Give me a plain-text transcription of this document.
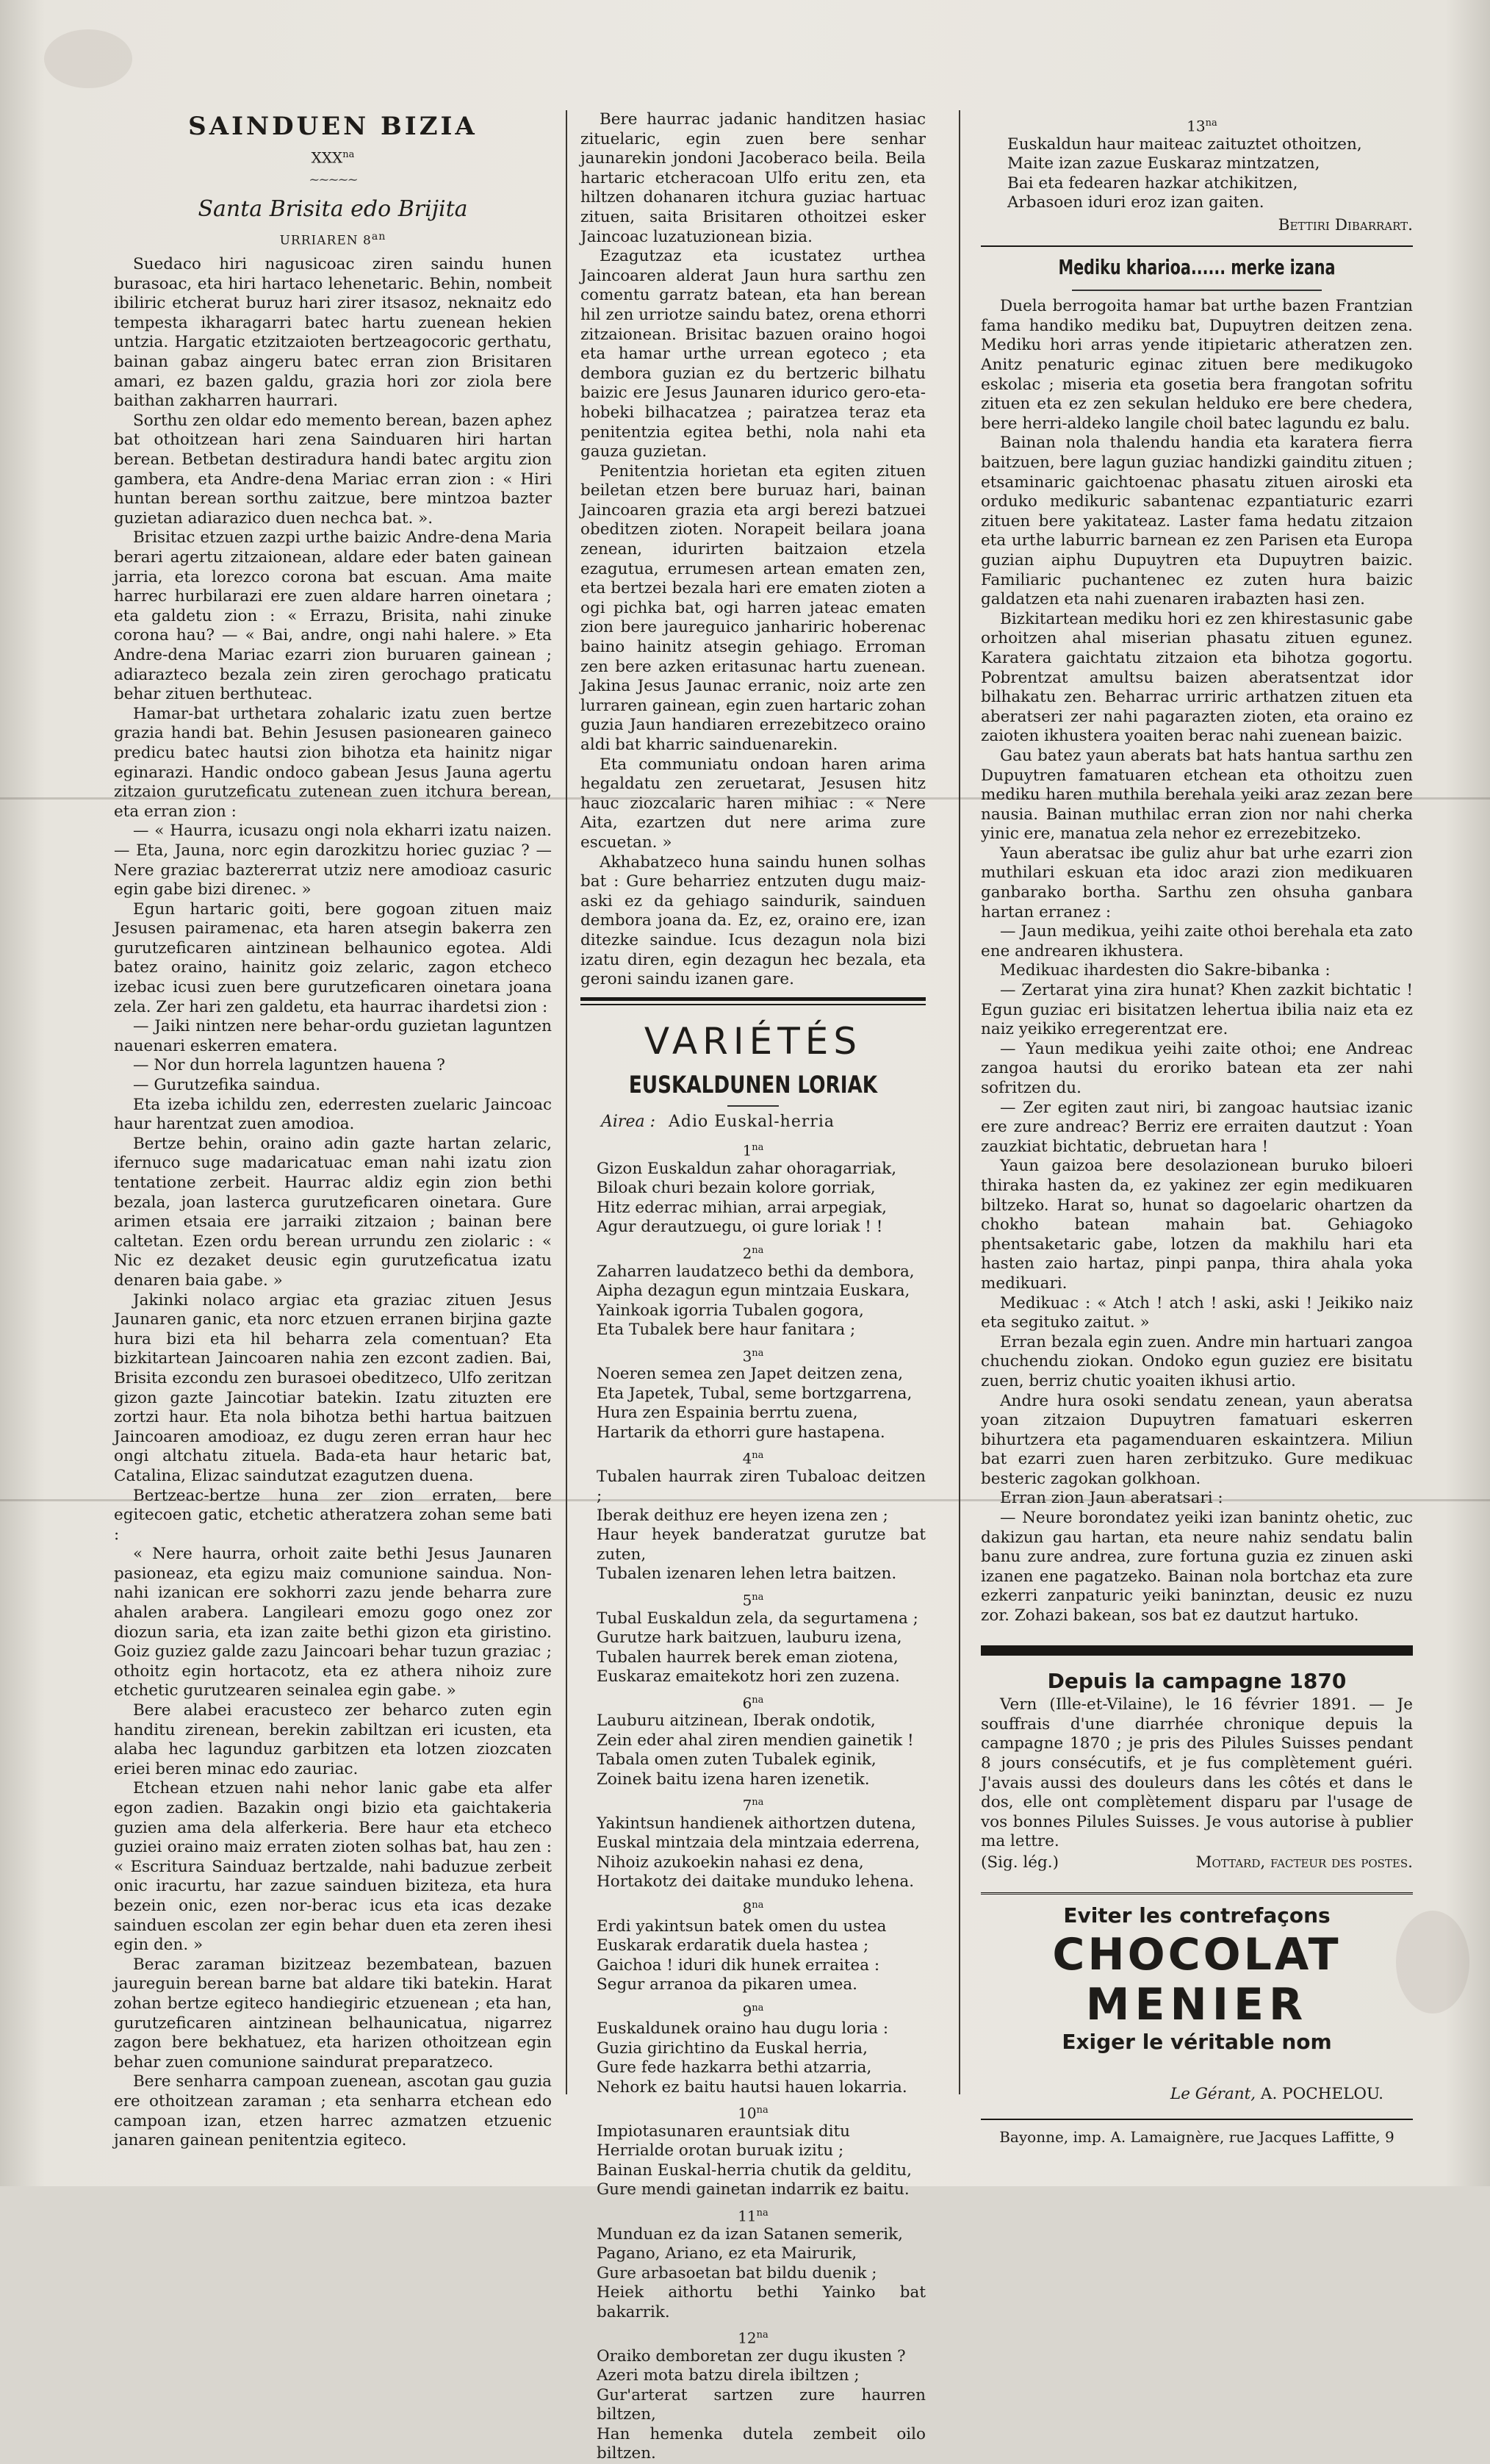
SAINDUEN BIZIA
$XXX^{na}$
~~~~~
Santa Brisita edo Brijita
URRIAREN $8^{an}$

Suedaco hiri nagusicoac ziren saindu hunen burasoac, eta hiri hartaco lehenetaric. Behin, nombeit ibiliric etcherat buruz hari zirer itsasoz, neknaitz edo tempesta ikharagarri batec hartu zuenean hekien untzia. Hargatic etzitzaioten bertzeagocoric gerthatu, bainan gabaz aingeru batec erran zion Brisitaren amari, ez bazen galdu, grazia hori zor ziola bere baithan zakharren haurrari.

Sorthu zen oldar edo memento berean, bazen aphez bat othoitzean hari zena Sainduaren hiri hartan berean. Betbetan destiradura handi batec argitu zion gambera, eta Andre-dena Mariac erran zion : « Hiri huntan berean sorthu zaitzue, bere mintzoa bazter guzietan adiarazico duen nechca bat. ».

Brisitac etzuen zazpi urthe baizic Andre-dena Maria berari agertu zitzaionean, aldare eder baten gainean jarria, eta lorezco corona bat escuan. Ama maite harrec hurbilarazi ere zuen aldare harren oinetara ; eta galdetu zion : « Errazu, Brisita, nahi zinuke corona hau? — « Bai, andre, ongi nahi halere. » Eta Andre-dena Mariac ezarri zion buruaren gainean ; adiarazteco bezala zein ziren gerochago praticatu behar zituen berthuteac.

Hamar-bat urthetara zohalaric izatu zuen bertze grazia handi bat. Behin Jesusen pasionearen gaineco predicu batec hautsi zion bihotza eta hainitz nigar eginarazi. Handic ondoco gabean Jesus Jauna agertu zitzaion gurutzeficatu zutenean zuen itchura berean, eta erran zion :

— « Haurra, icusazu ongi nola ekharri izatu naizen. — Eta, Jauna, norc egin darozkitzu horiec guziac ? — Nere graziac baztererrat utziz nere amodioaz casuric egin gabe bizi direnec. »

Egun hartaric goiti, bere gogoan zituen maiz Jesusen pairamenac, eta haren atsegin bakerra zen gurutzeficaren aintzinean belhaunico egotea. Aldi batez oraino, hainitz goiz zelaric, zagon etcheco izebac icusi zuen bere gurutzeficaren oinetara joana zela. Zer hari zen galdetu, eta haurrac ihardetsi zion :

— Jaiki nintzen nere behar-ordu guzietan laguntzen nauenari eskerren ematera.

— Nor dun horrela laguntzen hauena ?

— Gurutzefika saindua.

Eta izeba ichildu zen, ederresten zuelaric Jaincoac haur harentzat zuen amodioa.

Bertze behin, oraino adin gazte hartan zelaric, ifernuco suge madaricatuac eman nahi izatu zion tentatione zerbeit. Haurrac aldiz egin zion bethi bezala, joan lasterca gurutzeficaren oinetara. Gure arimen etsaia ere jarraiki zitzaion ; bainan bere caltetan. Ezen ordu berean urrundu zen ziolaric : « Nic ez dezaket deusic egin gurutzeficatua izatu denaren baia gabe. »

Jakinki nolaco argiac eta graziac zituen Jesus Jaunaren ganic, eta norc etzuen erranen birjina gazte hura bizi eta hil beharra zela comentuan? Eta bizkitartean Jaincoaren nahia zen ezcont zadien. Bai, Brisita ezcondu zen burasoei obeditzeco, Ulfo zeritzan gizon gazte Jaincotiar batekin. Izatu zituzten ere zortzi haur. Eta nola bihotza bethi hartua baitzuen Jaincoaren amodioaz, ez dugu zeren erran haur hec ongi altchatu zituela. Bada-eta haur hetaric bat, Catalina, Elizac saindutzat ezagutzen duena.

Bertzeac-bertze huna zer zion erraten, bere egitecoen gatic, etchetic atheratzera zohan seme bati :

« Nere haurra, orhoit zaite bethi Jesus Jaunaren pasioneaz, eta egizu maiz comunione saindua. Non-nahi izanican ere sokhorri zazu jende beharra zure ahalen arabera. Langileari emozu gogo onez zor diozun saria, eta izan zaite bethi gizon eta giristino. Goiz guziez galde zazu Jaincoari behar tuzun graziac ; othoitz egin hortacotz, eta ez athera nihoiz zure etchetic gurutzearen seinalea egin gabe. »

Bere alabei eracusteco zer beharco zuten egin handitu zirenean, berekin zabiltzan eri icusten, eta alaba hec lagunduz garbitzen eta lotzen ziozcaten eriei beren minac edo zauriac.

Etchean etzuen nahi nehor lanic gabe eta alfer egon zadien. Bazakin ongi bizio eta gaichtakeria guzien ama dela alferkeria. Bere haur eta etcheco guziei oraino maiz erraten zioten solhas bat, hau zen : « Escritura Sainduaz bertzalde, nahi baduzue zerbeit onic iracurtu, har zazue sainduen biziteza, eta hura bezein onic, ezen nor-berac icus eta icas dezake sainduen escolan zer egin behar duen eta zeren ihesi egin den. »

Berac zaraman bizitzeaz bezembatean, bazuen jaureguin berean barne bat aldare tiki batekin. Harat zohan bertze egiteco handiegiric etzuenean ; eta han, gurutzeficaren aintzinean belhaunicatua, nigarrez zagon bere bekhatuez, eta harizen othoitzean egin behar zuen comunione saindurat preparatzeco.

Bere senharra campoan zuenean, ascotan gau guzia ere othoitzean zaraman ; eta senharra etchean edo campoan izan, etzen harrec azmatzen etzuenic janaren gainean penitentzia egiteco.

Bere haurrac jadanic handitzen hasiac zituelaric, egin zuen bere senhar jaunarekin jondoni Jacoberaco beila. Beila hartaric etcheracoan Ulfo eritu zen, eta hiltzen dohanaren itchura guziac hartuac zituen, saita Brisitaren othoitzei esker Jaincoac luzatuzionean bizia.

Ezagutzaz eta icustatez urthea Jaincoaren alderat Jaun hura sarthu zen comentu garratz batean, eta han berean hil zen urriotze saindu batez, orena ethorri zitzaionean. Brisitac bazuen oraino hogoi eta hamar urthe urrean egoteco ; eta dembora guzian ez du bertzeric bilhatu baizic ere Jesus Jaunaren idurico gero-eta-hobeki bilhacatzea ; pairatzea teraz eta penitentzia egitea bethi, nola nahi eta gauza guzietan.

Penitentzia horietan eta egiten zituen beiletan etzen bere buruaz hari, bainan Jaincoaren grazia eta argi berezi batzuei obeditzen zioten. Norapeit beilara joana zenean, idurirten baitzaion etzela ezagutua, errumesen artean ematen zen, eta bertzei bezala hari ere ematen zioten a ogi pichka bat, ogi harren jateac ematen zion bere jaureguico janhariric hoberenac baino hainitz atsegin gehiago. Erroman zen bere azken eritasunac hartu zuenean. Jakina Jesus Jaunac erranic, noiz arte zen lurraren gainean, egin zuen hartaric zohan guzia Jaun handiaren errezebitzeco oraino aldi bat kharric sainduenarekin.

Eta communiatu ondoan haren arima hegaldatu zen zeruetarat, Jesusen hitz hauc ziozcalaric haren mihiac : « Nere Aita, ezartzen dut nere arima zure escuetan. »

Akhabatzeco huna saindu hunen solhas bat : Gure beharriez entzuten dugu maiz-aski ez da gehiago saindurik, sainduen dembora joana da. Ez, ez, oraino ere, izan ditezke saindue. Icus dezagun nola bizi izatu diren, egin dezagun hec bezala, eta geroni saindu izanen gare.

VARIÉTÉS
EUSKALDUNEN LORIAK
Airea : Adio Euskal-herria
$1^{na}$
Gizon Euskaldun zahar ohoragarriak,
Biloak churi bezain kolore gorriak,
Hitz ederrac mihian, arrai arpegiak,
Agur derautzuegu, oi gure loriak ! !
$2^{na}$
Zaharren laudatzeco bethi da dembora,
Aipha dezagun egun mintzaia Euskara,
Yainkoak igorria Tubalen gogora,
Eta Tubalek bere haur fanitara ;
$3^{na}$
Noeren semea zen Japet deitzen zena,
Eta Japetek, Tubal, seme bortzgarrena,
Hura zen Espainia berrtu zuena,
Hartarik da ethorri gure hastapena.
$4^{na}$
Tubalen haurrak ziren Tubaloac deitzen ;
Iberak deithuz ere heyen izena zen ;
Haur heyek banderatzat gurutze bat zuten,
Tubalen izenaren lehen letra baitzen.
$5^{na}$
Tubal Euskaldun zela, da segurtamena ;
Gurutze hark baitzuen, lauburu izena,
Tubalen haurrek berek eman ziotena,
Euskaraz emaitekotz hori zen zuzena.
$6^{na}$
Lauburu aitzinean, Iberak ondotik,
Zein eder ahal ziren mendien gainetik !
Tabala omen zuten Tubalek eginik,
Zoinek baitu izena haren izenetik.
$7^{na}$
Yakintsun handienek aithortzen dutena,
Euskal mintzaia dela mintzaia ederrena,
Nihoiz azukoekin nahasi ez dena,
Hortakotz dei daitake munduko lehena.
$8^{na}$
Erdi yakintsun batek omen du ustea
Euskarak erdaratik duela hastea ;
Gaichoa ! iduri dik hunek erraitea :
Segur arranoa da pikaren umea.
$9^{na}$
Euskaldunek oraino hau dugu loria :
Guzia girichtino da Euskal herria,
Gure fede hazkarra bethi atzarria,
Nehork ez baitu hautsi hauen lokarria.
$10^{na}$
Impiotasunaren erauntsiak ditu
Herrialde orotan buruak izitu ;
Bainan Euskal-herria chutik da gelditu,
Gure mendi gainetan indarrik ez baitu.
$11^{na}$
Munduan ez da izan Satanen semerik,
Pagano, Ariano, ez eta Mairurik,
Gure arbasoetan bat bildu duenik ;
Heiek aithortu bethi Yainko bat bakarrik.
$12^{na}$
Oraiko demboretan zer dugu ikusten ?
Azeri mota batzu direla ibiltzen ;
Gur'arterat sartzen zure haurren biltzen,
Han hemenka dutela zembeit oilo biltzen.
$13^{na}$
Euskaldun haur maiteac zaituztet othoitzen,
Maite izan zazue Euskaraz mintzatzen,
Bai eta fedearen hazkar atchikitzen,
Arbasoen iduri eroz izan gaiten.
Bettiri Dibarrart.
Mediku kharioa...... merke izana

Duela berrogoita hamar bat urthe bazen Frantzian fama handiko mediku bat, Dupuytren deitzen zena. Mediku hori arras yende itipietaric atheratzen zen. Anitz penaturic eginac zituen bere medikugoko eskolac ; miseria eta gosetia bera frangotan sofritu zituen eta ez zen sekulan helduko ere bere chedera, bere herri-aldeko langile choil batec lagundu ez balu.

Bainan nola thalendu handia eta karatera fierra baitzuen, bere lagun guziac handizki gainditu zituen ; etsaminaric gaichtoenac phasatu zituen airoski eta orduko medikuric sabantenac ezpantiaturic ezarri zituen bere yakitateaz. Laster fama hedatu zitzaion eta urthe laburric barnean ez zen Parisen eta Europa guzian aiphu Dupuytren eta Dupuytren baizic. Familiaric puchantenec ez zuten hura baizic galdatzen eta nahi zuenaren irabazten hasi zen.

Bizkitartean mediku hori ez zen khirestasunic gabe orhoitzen ahal miserian phasatu zituen egunez. Karatera gaichtatu zitzaion eta bihotza gogortu. Pobrentzat amultsu baizen aberatsentzat idor bilhakatu zen. Beharrac urriric arthatzen zituen eta aberatseri zer nahi pagarazten zioten, eta oraino ez zaioten ikhustera yoaiten berac nahi zuenean baizic.

Gau batez yaun aberats bat hats hantua sarthu zen Dupuytren famatuaren etchean eta othoitzu zuen mediku haren muthila berehala yeiki araz zezan bere nausia. Bainan muthilac erran zion nor nahi cherka yinic ere, manatua zela nehor ez errezebitzeko.

Yaun aberatsac ibe guliz ahur bat urhe ezarri zion muthilari eskuan eta idoc arazi zion medikuaren ganbarako bortha. Sarthu zen ohsuha ganbara hartan erranez :

— Jaun medikua, yeihi zaite othoi berehala eta zato ene andrearen ikhustera.

Medikuac ihardesten dio Sakre-bibanka :

— Zertarat yina zira hunat? Khen zazkit bichtatic ! Egun guziac eri bisitatzen lehertua ibilia naiz eta ez naiz yeikiko erregerentzat ere.

— Yaun medikua yeihi zaite othoi; ene Andreac zangoa hautsi du eroriko batean eta zer nahi sofritzen du.

— Zer egiten zaut niri, bi zangoac hautsiac izanic ere zure andreac? Berriz ere erraiten dautzut : Yoan zauzkiat bichtatic, debruetan hara !

Yaun gaizoa bere desolazionean buruko biloeri thiraka hasten da, ez yakinez zer egin medikuaren biltzeko. Harat so, hunat so dagoelaric ohartzen da chokho batean mahain bat. Gehiagoko phentsaketaric gabe, lotzen da makhilu hari eta hasten zaio hartaz, pinpi panpa, thira ahala yoka medikuari.

Medikuac : « Atch ! atch ! aski, aski ! Jeikiko naiz eta segituko zaitut. »

Erran bezala egin zuen. Andre min hartuari zangoa chuchendu ziokan. Ondoko egun guziez ere bisitatu zuen, berriz chutic yoaiten ikhusi artio.

Andre hura osoki sendatu zenean, yaun aberatsa yoan zitzaion Dupuytren famatuari eskerren bihurtzera eta pagamenduaren eskaintzera. Miliun bat ezarri zuen haren zerbitzuko. Gure medikuac besteric zagokan golkhoan.

Erran zion Jaun aberatsari :

— Neure borondatez yeiki izan banintz ohetic, zuc dakizun gau hartan, eta neure nahiz sendatu balin banu zure andrea, zure fortuna guzia ez zinuen aski izanen ene pagatzeko. Bainan nola bortchaz eta zure ezkerri zanpaturic yeiki baninztan, deusic ez nuzu zor. Zohazi bakean, sos bat ez dautzut hartuko.

Depuis la campagne 1870

Vern (Ille-et-Vilaine), le 16 février 1891. — Je souffrais d'une diarrhée chronique depuis la campagne 1870 ; je pris des Pilules Suisses pendant 8 jours consécutifs, et je fus complètement guéri. J'avais aussi des douleurs dans les côtés et dans le dos, elle ont complètement disparu par l'usage de vos bonnes Pilules Suisses. Je vous autorise à publier ma lettre.

(Sig. lég.)	Mottard, facteur des postes.
Eviter les contrefaçons
CHOCOLAT
MENIER
Exiger le véritable nom
Le Gérant, A. POCHELOU.
Bayonne, imp. A. Lamaignère, rue Jacques Laffitte, 9
